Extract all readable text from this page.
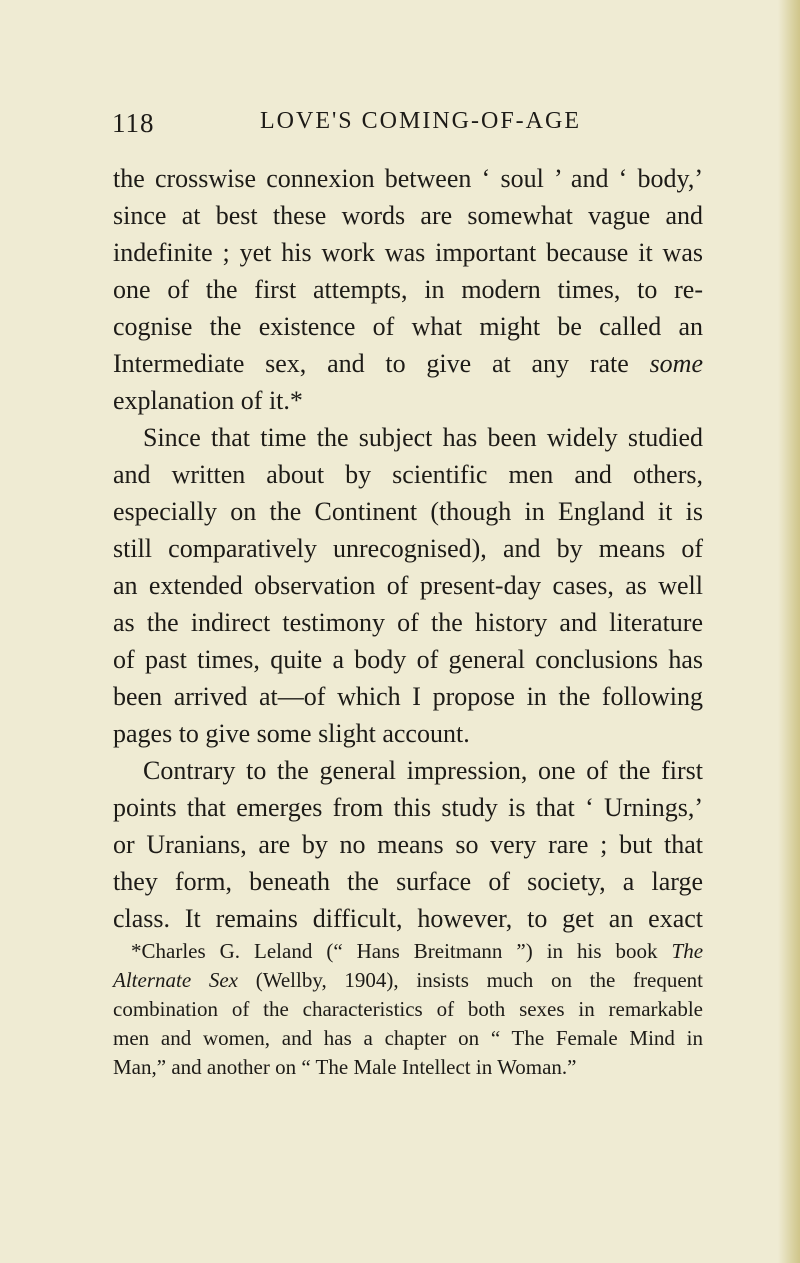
118	LOVE'S COMING-OF-AGE
the crosswise connexion between ‘ soul ’ and ‘ body,’
since at best these words are somewhat vague and
indefinite ; yet his work was important because it was
one of the first attempts, in modern times, to re-
cognise the existence of what might be called an
Intermediate sex, and to give at any rate some
explanation of it.*
Since that time the subject has been widely studied
and written about by scientific men and others,
especially on the Continent (though in England it is
still comparatively unrecognised), and by means of
an extended observation of present-day cases, as well
as the indirect testimony of the history and literature
of past times, quite a body of general conclusions has
been arrived at—of which I propose in the following
pages to give some slight account.
Contrary to the general impression, one of the first
points that emerges from this study is that ‘ Urnings,’
or Uranians, are by no means so very rare ; but that
they form, beneath the surface of society, a large
class. It remains difficult, however, to get an exact
*Charles G. Leland (“ Hans Breitmann ”) in his book The
Alternate Sex (Wellby, 1904), insists much on the frequent
combination of the characteristics of both sexes in remarkable
men and women, and has a chapter on “ The Female Mind in
Man,” and another on “ The Male Intellect in Woman.”
